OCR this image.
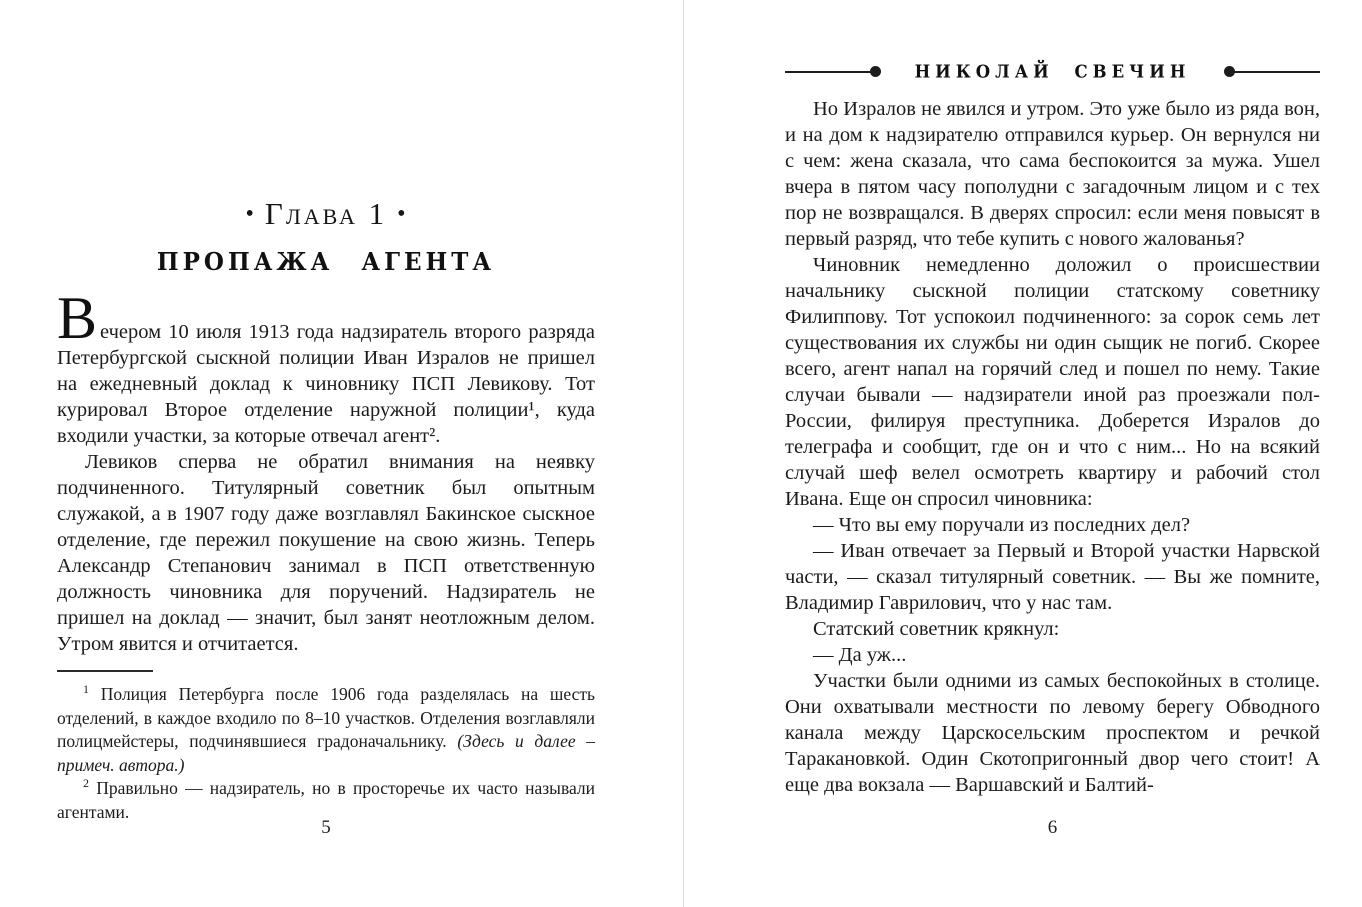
• Глава 1 •
ПРОПАЖА АГЕНТА

Вечером 10 июля 1913 года надзиратель второго разряда Петербургской сыскной полиции Иван Изралов не пришел на ежедневный доклад к чиновнику ПСП Левикову. Тот курировал Второе отделение наружной полиции¹, куда входили участки, за которые отвечал агент².

Левиков сперва не обратил внимания на неявку подчиненного. Титулярный советник был опытным служакой, а в 1907 году даже возглавлял Бакинское сыскное отделение, где пережил покушение на свою жизнь. Теперь Александр Степанович занимал в ПСП ответственную должность чиновника для поручений. Надзиратель не пришел на доклад — значит, был занят неотложным делом. Утром явится и отчитается.

$^1$ Полиция Петербурга после 1906 года разделялась на шесть отделений, в каждое входило по 8–10 участков. Отделения возглавляли полицмейстеры, подчинявшиеся градоначальнику. (Здесь и далее – примеч. автора.)

$^2$ Правильно — надзиратель, но в просторечье их часто называли агентами.

5
НИКОЛАЙ СВЕЧИН

Но Изралов не явился и утром. Это уже было из ряда вон, и на дом к надзирателю отправился курьер. Он вернулся ни с чем: жена сказала, что сама беспокоится за мужа. Ушел вчера в пятом часу пополудни с загадочным лицом и с тех пор не возвращался. В дверях спросил: если меня повысят в первый разряд, что тебе купить с нового жалованья?

Чиновник немедленно доложил о происшествии начальнику сыскной полиции статскому советнику Филиппову. Тот успокоил подчиненного: за сорок семь лет существования их службы ни один сыщик не погиб. Скорее всего, агент напал на горячий след и пошел по нему. Такие случаи бывали — надзиратели иной раз проезжали пол-России, филируя преступника. Доберется Изралов до телеграфа и сообщит, где он и что с ним... Но на всякий случай шеф велел осмотреть квартиру и рабочий стол Ивана. Еще он спросил чиновника:

— Что вы ему поручали из последних дел?

— Иван отвечает за Первый и Второй участки Нарвской части, — сказал титулярный советник. — Вы же помните, Владимир Гаврилович, что у нас там.

Статский советник крякнул:

— Да уж...

Участки были одними из самых беспокойных в столице. Они охватывали местности по левому берегу Обводного канала между Царскосельским проспектом и речкой Таракановкой. Один Скотопригонный двор чего стоит! А еще два вокзала — Варшавский и Балтий-

6
